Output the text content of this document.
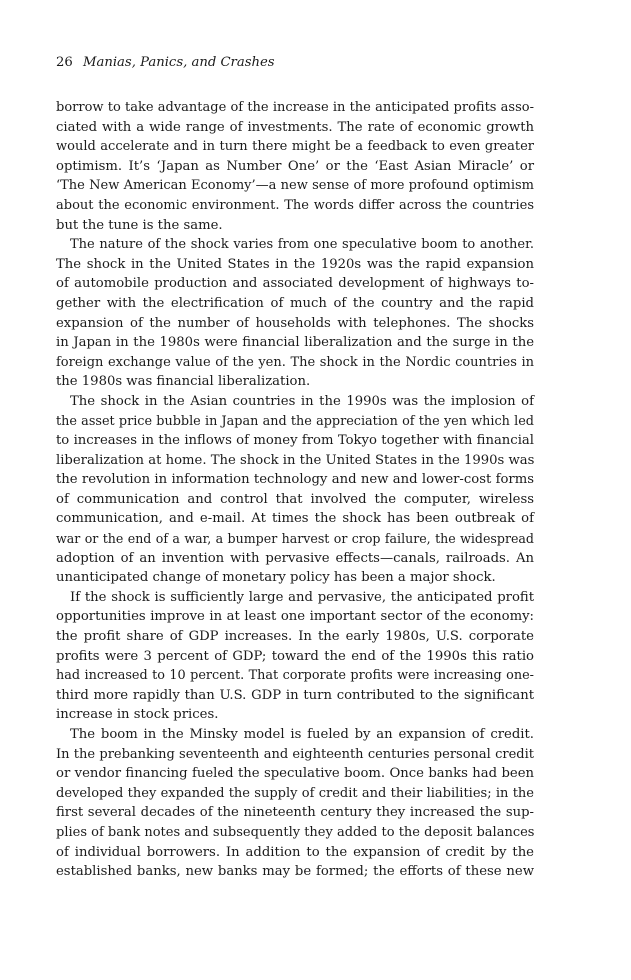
26 Manias, Panics, and Crashes
borrow to take advantage of the increase in the anticipated profits asso-
ciated with a wide range of investments. The rate of economic growth
would accelerate and in turn there might be a feedback to even greater
optimism. It’s ‘Japan as Number One’ or the ‘East Asian Miracle’ or
‘The New American Economy’—a new sense of more profound optimism
about the economic environment. The words differ across the countries
but the tune is the same.
The nature of the shock varies from one speculative boom to another.
The shock in the United States in the 1920s was the rapid expansion
of automobile production and associated development of highways to-
gether with the electrification of much of the country and the rapid
expansion of the number of households with telephones. The shocks
in Japan in the 1980s were financial liberalization and the surge in the
foreign exchange value of the yen. The shock in the Nordic countries in
the 1980s was financial liberalization.
The shock in the Asian countries in the 1990s was the implosion of
the asset price bubble in Japan and the appreciation of the yen which led
to increases in the inflows of money from Tokyo together with financial
liberalization at home. The shock in the United States in the 1990s was
the revolution in information technology and new and lower-cost forms
of communication and control that involved the computer, wireless
communication, and e-mail. At times the shock has been outbreak of
war or the end of a war, a bumper harvest or crop failure, the widespread
adoption of an invention with pervasive effects—canals, railroads. An
unanticipated change of monetary policy has been a major shock.
If the shock is sufficiently large and pervasive, the anticipated profit
opportunities improve in at least one important sector of the economy:
the profit share of GDP increases. In the early 1980s, U.S. corporate
profits were 3 percent of GDP; toward the end of the 1990s this ratio
had increased to 10 percent. That corporate profits were increasing one-
third more rapidly than U.S. GDP in turn contributed to the significant
increase in stock prices.
The boom in the Minsky model is fueled by an expansion of credit.
In the prebanking seventeenth and eighteenth centuries personal credit
or vendor financing fueled the speculative boom. Once banks had been
developed they expanded the supply of credit and their liabilities; in the
first several decades of the nineteenth century they increased the sup-
plies of bank notes and subsequently they added to the deposit balances
of individual borrowers. In addition to the expansion of credit by the
established banks, new banks may be formed; the efforts of these new
